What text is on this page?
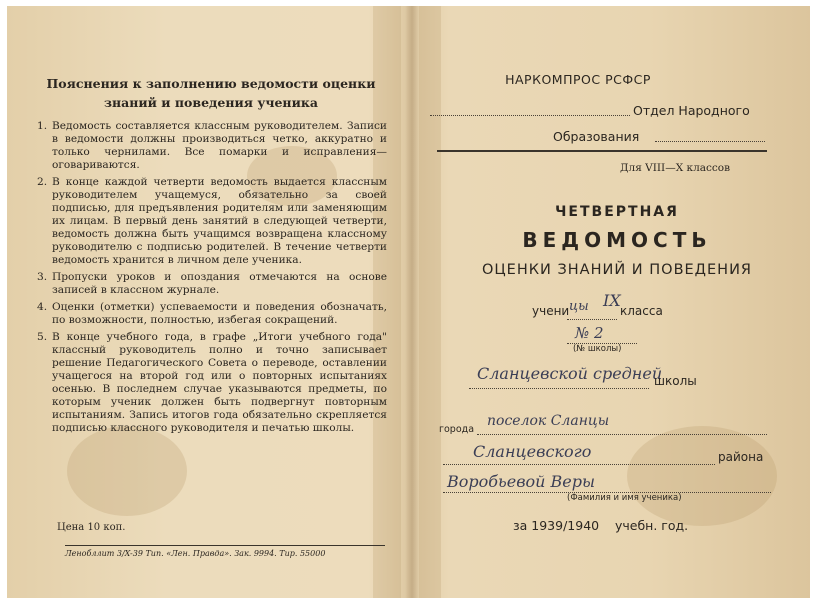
Пояснения к заполнению ведомости оценки
знаний и поведения ученика
1. Ведомость составляется классным руководителем. Записи в ведомости должны производиться четко, аккуратно и только чернилами. Все помарки и исправления—оговариваются.
2. В конце каждой четверти ведомость выдается классным руководителем учащемуся, обязательно за своей подписью, для предъявления родителям или заменяющим их лицам. В первый день занятий в следующей четверти, ведомость должна быть учащимся возвращена классному руководителю с подписью родителей. В течение четверти ведомость хранится в личном деле ученика.
3. Пропуски уроков и опоздания отмечаются на основе записей в классном журнале.
4. Оценки (отметки) успеваемости и поведения обозначать, по возможности, полностью, избегая сокращений.
5. В конце учебного года, в графе „Итоги учебного года" классный руководитель полно и точно записывает решение Педагогического Совета о переводе, оставлении учащегося на второй год или о повторных испытаниях осенью. В последнем случае указываются предметы, по которым ученик должен быть подвергнут повторным испытаниям. Запись итогов года обязательно скрепляется подписью классного руководителя и печатью школы.
Цена 10 коп.
Ленобллит 3/X-39 Тип. «Лен. Правда». Зак. 9994. Тир. 55000
НАРКОМПРОС РСФСР
Отдел Народного
Образования
Для VIII—X классов
ЧЕТВЕРТНАЯ
ВЕДОМОСТЬ
ОЦЕНКИ ЗНАНИЙ И ПОВЕДЕНИЯ
учени цы IX
класса
№ 2
(№ школы)
Сланцевской средней
школы
города
поселок Сланцы
Сланцевского	района
Воробьевой Веры
(Фамилия и имя ученика)
за 1939/1940 учебн. год.
